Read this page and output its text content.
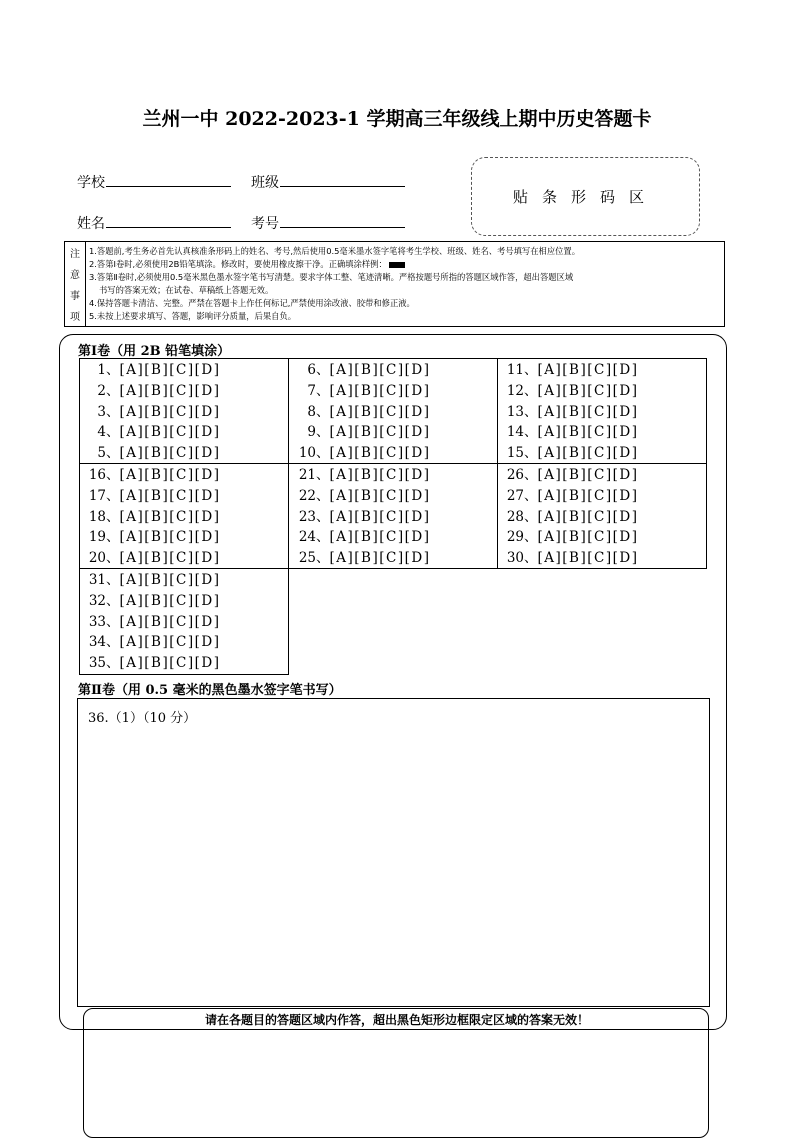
兰州一中 2022-2023-1 学期高三年级线上期中历史答题卡
学校	班级
姓名	考号
贴条形码区
注
意
事
项
1.答题前,考生务必首先认真核准条形码上的姓名、考号,然后使用0.5毫米墨水签字笔将考生学校、班级、姓名、考号填写在相应位置。
2.答第Ⅰ卷时,必须使用2B铅笔填涂。修改时，要使用橡皮擦干净。正确填涂样例：
3.答第Ⅱ卷时,必须使用0.5毫米黑色墨水签字笔书写清楚。要求字体工整、笔迹清晰。严格按题号所指的答题区域作答，超出答题区域
书写的答案无效；在试卷、草稿纸上答题无效。
4.保持答题卡清洁、完整。严禁在答题卡上作任何标记,严禁使用涂改液、胶带和修正液。
5.未按上述要求填写、答题，影响评分质量，后果自负。
第Ⅰ卷（用 2B 铅笔填涂）
1、[A][B][C][D]
2、[A][B][C][D]
3、[A][B][C][D]
4、[A][B][C][D]
5、[A][B][C][D]
6、[A][B][C][D]
7、[A][B][C][D]
8、[A][B][C][D]
9、[A][B][C][D]
10、[A][B][C][D]
11、[A][B][C][D]
12、[A][B][C][D]
13、[A][B][C][D]
14、[A][B][C][D]
15、[A][B][C][D]
16、[A][B][C][D]
17、[A][B][C][D]
18、[A][B][C][D]
19、[A][B][C][D]
20、[A][B][C][D]
21、[A][B][C][D]
22、[A][B][C][D]
23、[A][B][C][D]
24、[A][B][C][D]
25、[A][B][C][D]
26、[A][B][C][D]
27、[A][B][C][D]
28、[A][B][C][D]
29、[A][B][C][D]
30、[A][B][C][D]
31、[A][B][C][D]
32、[A][B][C][D]
33、[A][B][C][D]
34、[A][B][C][D]
35、[A][B][C][D]
第Ⅱ卷（用 0.5 毫米的黑色墨水签字笔书写）
36.（1）（10 分）
请在各题目的答题区域内作答，超出黑色矩形边框限定区域的答案无效！
